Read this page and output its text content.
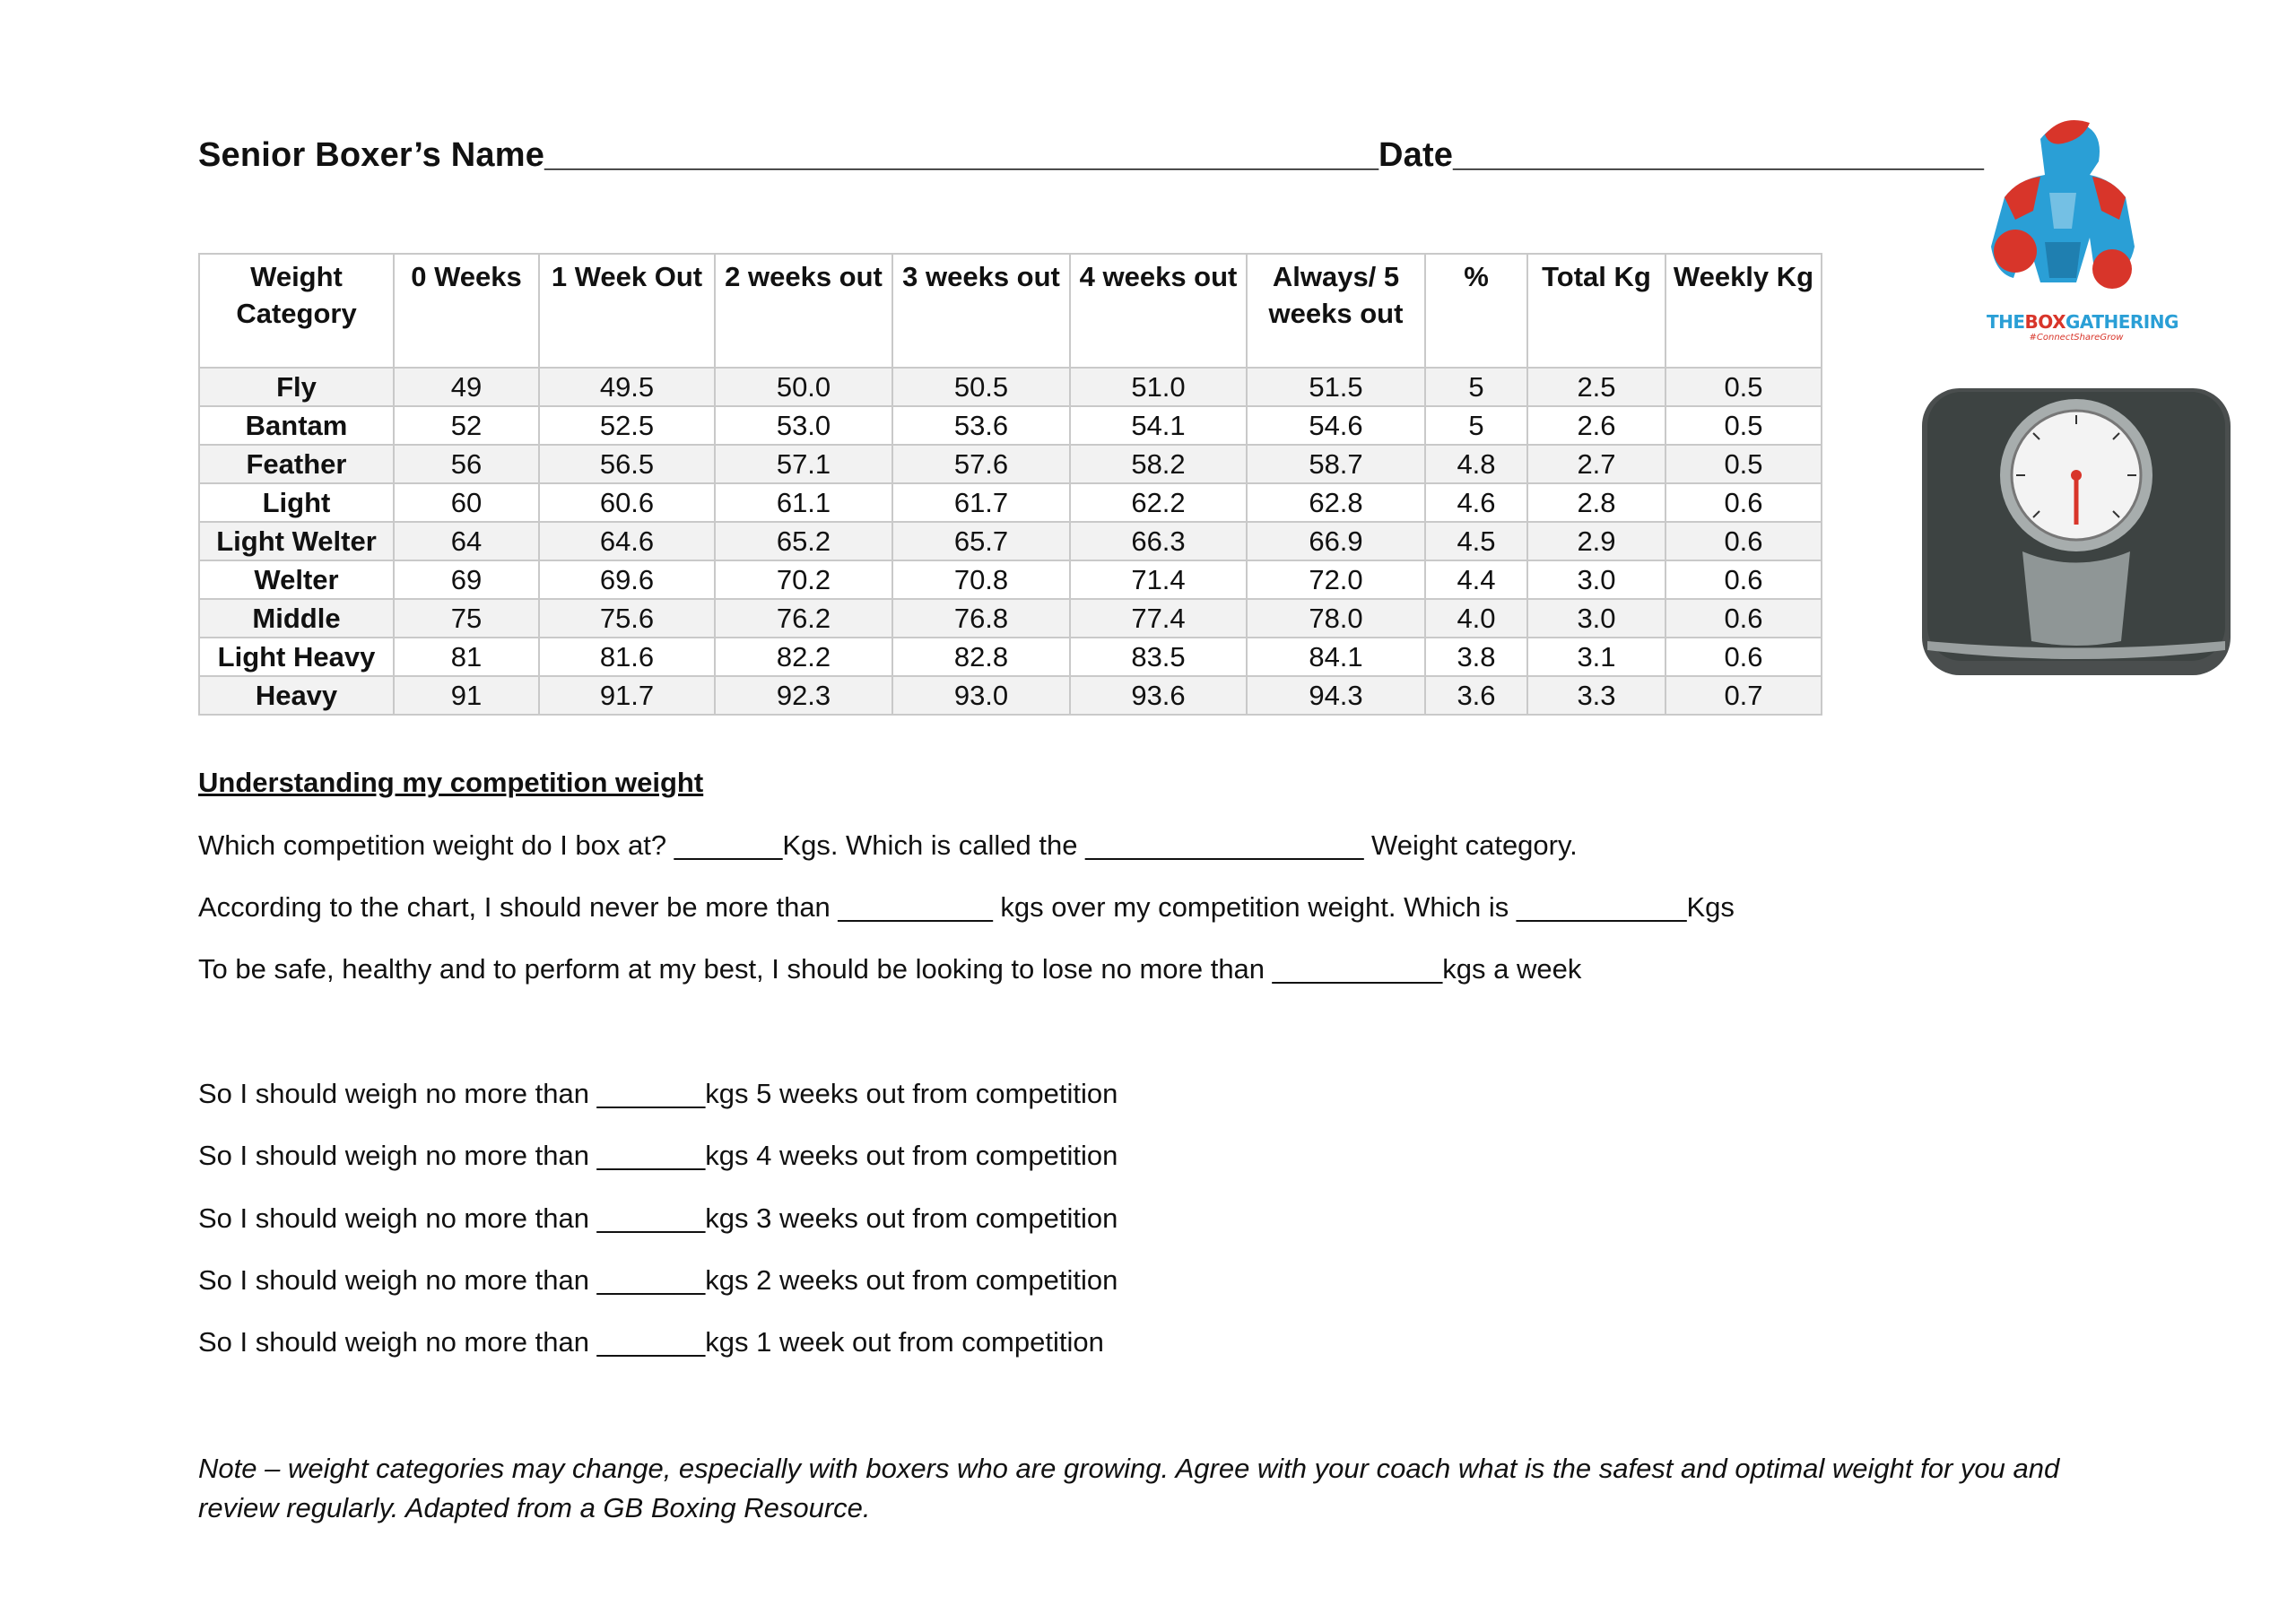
Senior Boxer’s Name____________________________________________Date____________________________
Weight Category	0 Weeks	1 Week Out	2 weeks out	3 weeks out	4 weeks out	Always/ 5 weeks out	%	Total Kg	Weekly Kg
Fly	49	49.5	50.0	50.5	51.0	51.5	5	2.5	0.5
Bantam	52	52.5	53.0	53.6	54.1	54.6	5	2.6	0.5
Feather	56	56.5	57.1	57.6	58.2	58.7	4.8	2.7	0.5
Light	60	60.6	61.1	61.7	62.2	62.8	4.6	2.8	0.6
Light Welter	64	64.6	65.2	65.7	66.3	66.9	4.5	2.9	0.6
Welter	69	69.6	70.2	70.8	71.4	72.0	4.4	3.0	0.6
Middle	75	75.6	76.2	76.8	77.4	78.0	4.0	3.0	0.6
Light Heavy	81	81.6	82.2	82.8	83.5	84.1	3.8	3.1	0.6
Heavy	91	91.7	92.3	93.0	93.6	94.3	3.6	3.3	0.7
Understanding my competition weight
Which competition weight do I box at? _______Kgs. Which is called the __________________ Weight category.
According to the chart, I should never be more than __________ kgs over my competition weight. Which is ___________Kgs
To be safe, healthy and to perform at my best, I should be looking to lose no more than ___________kgs a week
So I should weigh no more than _______kgs 5 weeks out from competition
So I should weigh no more than _______kgs 4 weeks out from competition
So I should weigh no more than _______kgs 3 weeks out from competition
So I should weigh no more than _______kgs 2 weeks out from competition
So I should weigh no more than _______kgs 1 week out from competition
Note – weight categories may change, especially with boxers who are growing. Agree with your coach what is the safest and optimal weight for you and review regularly. Adapted from a GB Boxing Resource.
THEBOXGATHERING
#ConnectShareGrow
